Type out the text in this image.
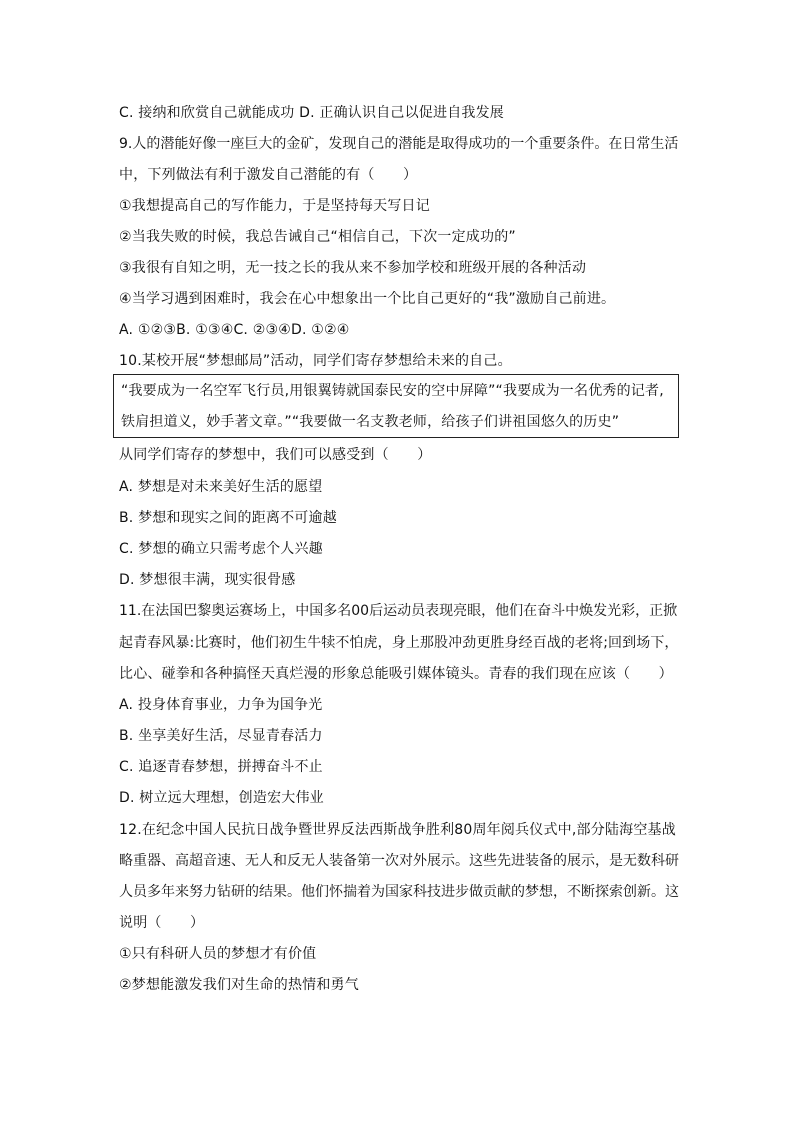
C. 接纳和欣赏自己就能成功 D. 正确认识自己以促进自我发展
9.人的潜能好像一座巨大的金矿，发现自己的潜能是取得成功的一个重要条件。在日常生活
中，下列做法有利于激发自己潜能的有（　　）
①我想提高自己的写作能力，于是坚持每天写日记
②当我失败的时候，我总告诫自己“相信自己，下次一定成功的”
③我很有自知之明，无一技之长的我从来不参加学校和班级开展的各种活动
④当学习遇到困难时，我会在心中想象出一个比自己更好的“我”激励自己前进。
A. ①②③B. ①③④C. ②③④D. ①②④
10.某校开展“梦想邮局”活动，同学们寄存梦想给未来的自己。
“我要成为一名空军飞行员,用银翼铸就国泰民安的空中屏障”“我要成为一名优秀的记者,
铁肩担道义，妙手著文章。”“我要做一名支教老师，给孩子们讲祖国悠久的历史”
从同学们寄存的梦想中，我们可以感受到（　　）
A. 梦想是对未来美好生活的愿望
B. 梦想和现实之间的距离不可逾越
C. 梦想的确立只需考虑个人兴趣
D. 梦想很丰满，现实很骨感
11.在法国巴黎奥运赛场上，中国多名00后运动员表现亮眼，他们在奋斗中焕发光彩，正掀
起青春风暴:比赛时，他们初生牛犊不怕虎，身上那股冲劲更胜身经百战的老将;回到场下，
比心、碰拳和各种搞怪天真烂漫的形象总能吸引媒体镜头。青春的我们现在应该（　　）
A. 投身体育事业，力争为国争光
B. 坐享美好生活，尽显青春活力
C. 追逐青春梦想，拼搏奋斗不止
D. 树立远大理想，创造宏大伟业
12.在纪念中国人民抗日战争暨世界反法西斯战争胜利80周年阅兵仪式中,部分陆海空基战
略重器、高超音速、无人和反无人装备第一次对外展示。这些先进装备的展示，是无数科研
人员多年来努力钻研的结果。他们怀揣着为国家科技进步做贡献的梦想，不断探索创新。这
说明（　　）
①只有科研人员的梦想才有价值
②梦想能激发我们对生命的热情和勇气
